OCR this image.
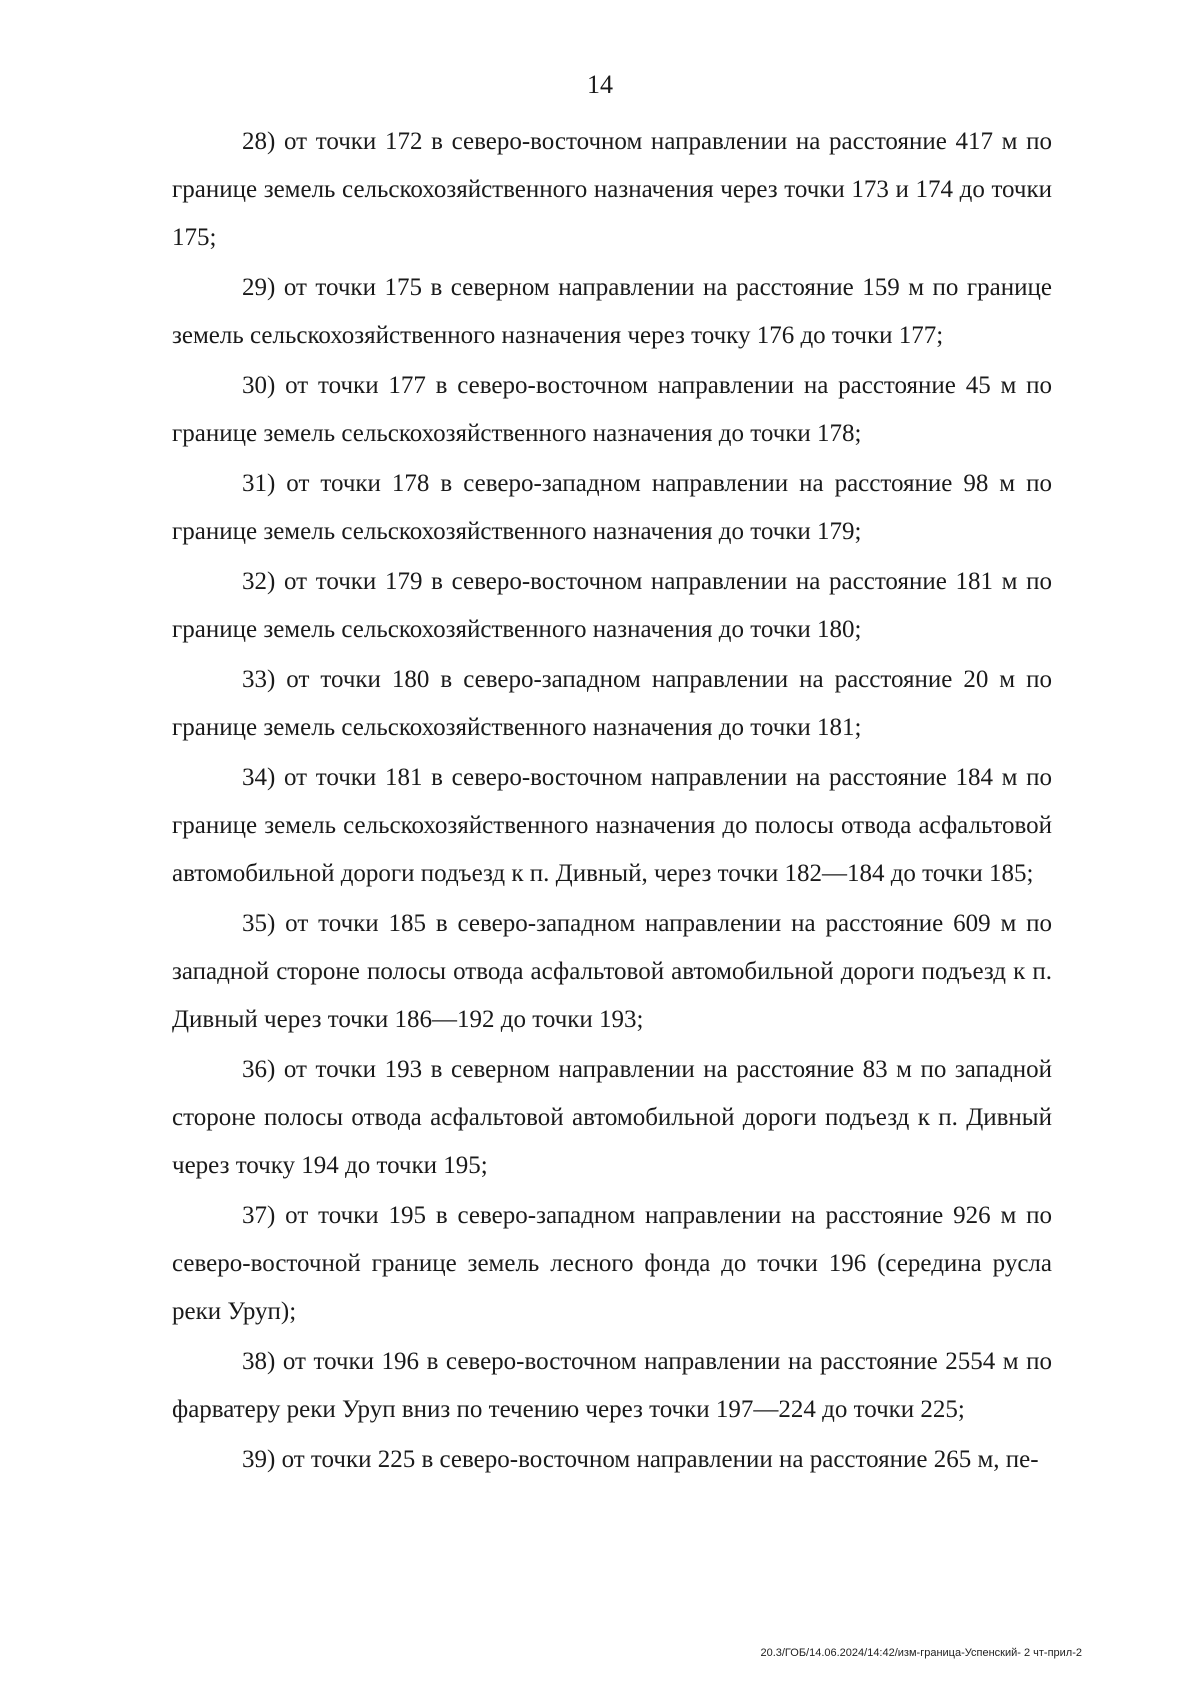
14

28) от точки 172 в северо-восточном направлении на расстояние 417 м по границе земель сельскохозяйственного назначения через точки 173 и 174 до точки 175;

29) от точки 175 в северном направлении на расстояние 159 м по границе земель сельскохозяйственного назначения через точку 176 до точки 177;

30) от точки 177 в северо-восточном направлении на расстояние 45 м по границе земель сельскохозяйственного назначения до точки 178;

31) от точки 178 в северо-западном направлении на расстояние 98 м по границе земель сельскохозяйственного назначения до точки 179;

32) от точки 179 в северо-восточном направлении на расстояние 181 м по границе земель сельскохозяйственного назначения до точки 180;

33) от точки 180 в северо-западном направлении на расстояние 20 м по границе земель сельскохозяйственного назначения до точки 181;

34) от точки 181 в северо-восточном направлении на расстояние 184 м по границе земель сельскохозяйственного назначения до полосы отвода асфальтовой автомобильной дороги подъезд к п. Дивный, через точки 182—184 до точки 185;

35) от точки 185 в северо-западном направлении на расстояние 609 м по западной стороне полосы отвода асфальтовой автомобильной дороги подъезд к п. Дивный через точки 186—192 до точки 193;

36) от точки 193 в северном направлении на расстояние 83 м по западной стороне полосы отвода асфальтовой автомобильной дороги подъезд к п. Дивный через точку 194 до точки 195;

37) от точки 195 в северо-западном направлении на расстояние 926 м по северо-восточной границе земель лесного фонда до точки 196 (середина русла реки Уруп);

38) от точки 196 в северо-восточном направлении на расстояние 2554 м по фарватеру реки Уруп вниз по течению через точки 197—224 до точки 225;

39) от точки 225 в северо-восточном направлении на расстояние 265 м, пе-

20.3/ГОБ/14.06.2024/14:42/изм-граница-Успенский- 2 чт-прил-2
